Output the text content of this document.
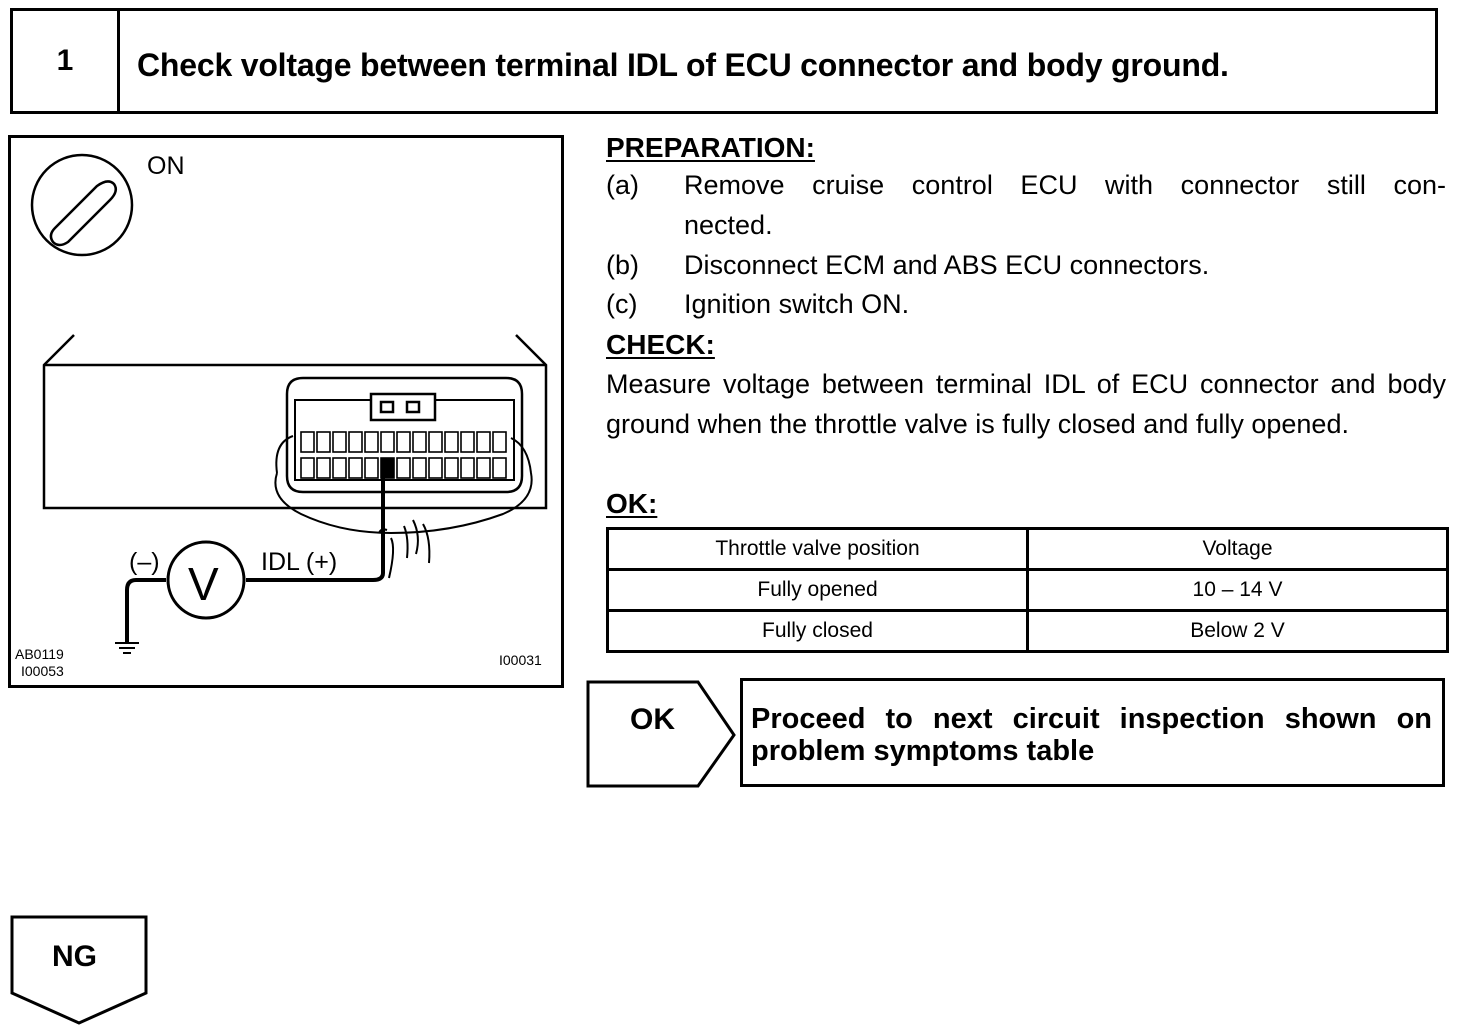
1	Check voltage between terminal IDL of ECU connector and body ground.
ON
(–) V IDL (+)
AB0119
I00053
I00031
PREPARATION:
(a) Remove cruise control ECU with connector still con-
nected.
(b) Disconnect ECM and ABS ECU connectors.
(c) Ignition switch ON.
CHECK:
Measure voltage between terminal IDL of ECU connector and body ground when the throttle valve is fully closed and fully opened.
OK:
Throttle valve position	Voltage
Fully opened	10 – 14 V
Fully closed	Below 2 V
OK	Proceed to next circuit inspection shown on problem symptoms table
NG
